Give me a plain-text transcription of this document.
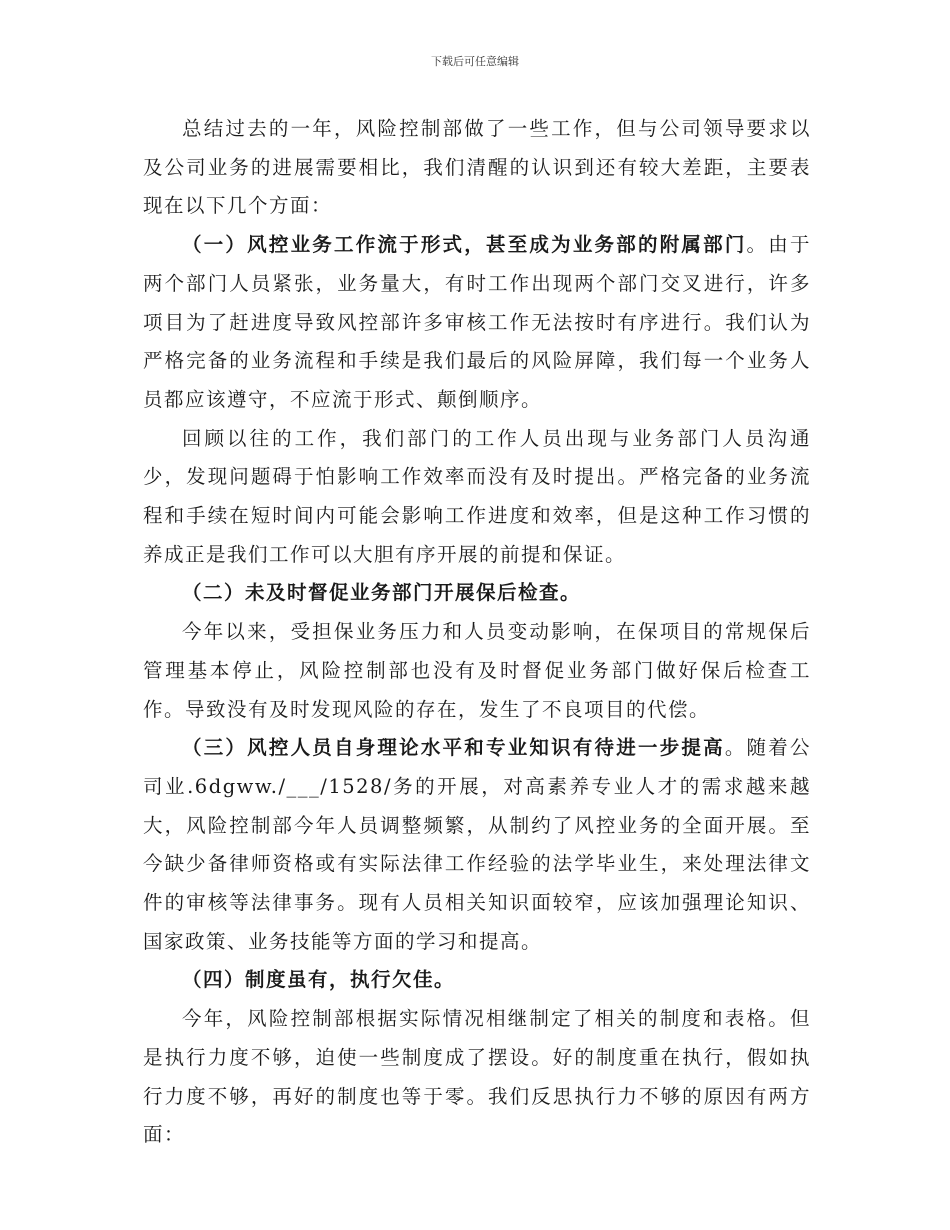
下载后可任意编辑

总结过去的一年，风险控制部做了一些工作，但与公司领导要求以及公司业务的进展需要相比，我们清醒的认识到还有较大差距，主要表现在以下几个方面：

（一）风控业务工作流于形式，甚至成为业务部的附属部门。由于两个部门人员紧张，业务量大，有时工作出现两个部门交叉进行，许多项目为了赶进度导致风控部许多审核工作无法按时有序进行。我们认为严格完备的业务流程和手续是我们最后的风险屏障，我们每一个业务人员都应该遵守，不应流于形式、颠倒顺序。

回顾以往的工作，我们部门的工作人员出现与业务部门人员沟通少，发现问题碍于怕影响工作效率而没有及时提出。严格完备的业务流程和手续在短时间内可能会影响工作进度和效率，但是这种工作习惯的养成正是我们工作可以大胆有序开展的前提和保证。

（二）未及时督促业务部门开展保后检查。

今年以来，受担保业务压力和人员变动影响，在保项目的常规保后管理基本停止，风险控制部也没有及时督促业务部门做好保后检查工作。导致没有及时发现风险的存在，发生了不良项目的代偿。

（三）风控人员自身理论水平和专业知识有待进一步提高。随着公司业.6dgww./___/1528/务的开展，对高素养专业人才的需求越来越大，风险控制部今年人员调整频繁，从制约了风控业务的全面开展。至今缺少备律师资格或有实际法律工作经验的法学毕业生，来处理法律文件的审核等法律事务。现有人员相关知识面较窄，应该加强理论知识、国家政策、业务技能等方面的学习和提高。

（四）制度虽有，执行欠佳。

今年，风险控制部根据实际情况相继制定了相关的制度和表格。但是执行力度不够，迫使一些制度成了摆设。好的制度重在执行，假如执行力度不够，再好的制度也等于零。我们反思执行力不够的原因有两方面：
